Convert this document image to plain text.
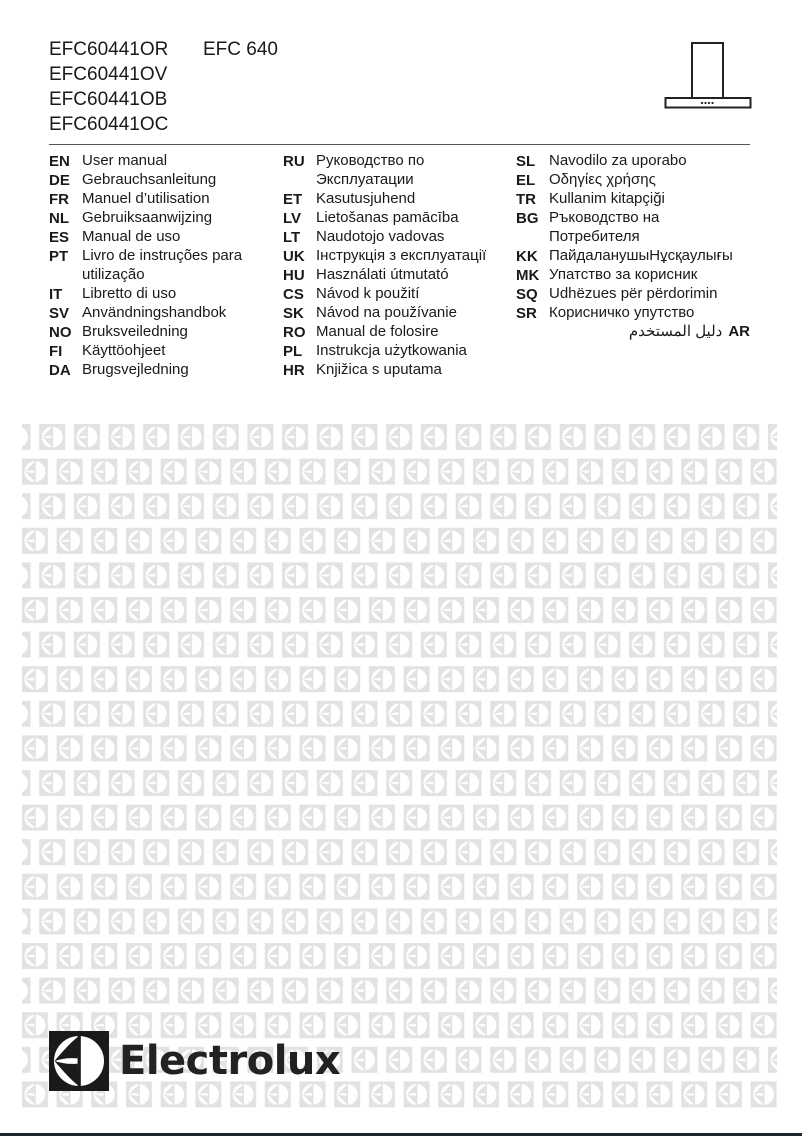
EFC60441OR
EFC60441OV
EFC60441OB
EFC60441OC
EFC 640
EN User manual
DE Gebrauchsanleitung
FR Manuel d’utilisation
NL Gebruiksaanwijzing
ES Manual de uso
PT Livro de instruções para
utilização
IT Libretto di uso
SV Användningshandbok
NO Bruksveiledning
FI Käyttöohjeet
DA Brugsvejledning
RU Руководство по
Эксплуатации
ET Kasutusjuhend
LV Lietošanas pamācība
LT Naudotojo vadovas
UK Інструкція з експлуатації
HU Használati útmutató
CS Návod k použití
SK Návod na používanie
RO Manual de folosire
PL Instrukcja użytkowania
HR Knjižica s uputama
SL Navodilo za uporabo
EL Οδηγίες χρήσης
TR Kullanim kitapçiği
BG Ръководство на
Потребителя
KK ПайдаланушыНұсқаулығы
MK Упатство за корисник
SQ Udhëzues për përdorimin
SR Корисничко упутство
دليل المستخدم AR
Electrolux
